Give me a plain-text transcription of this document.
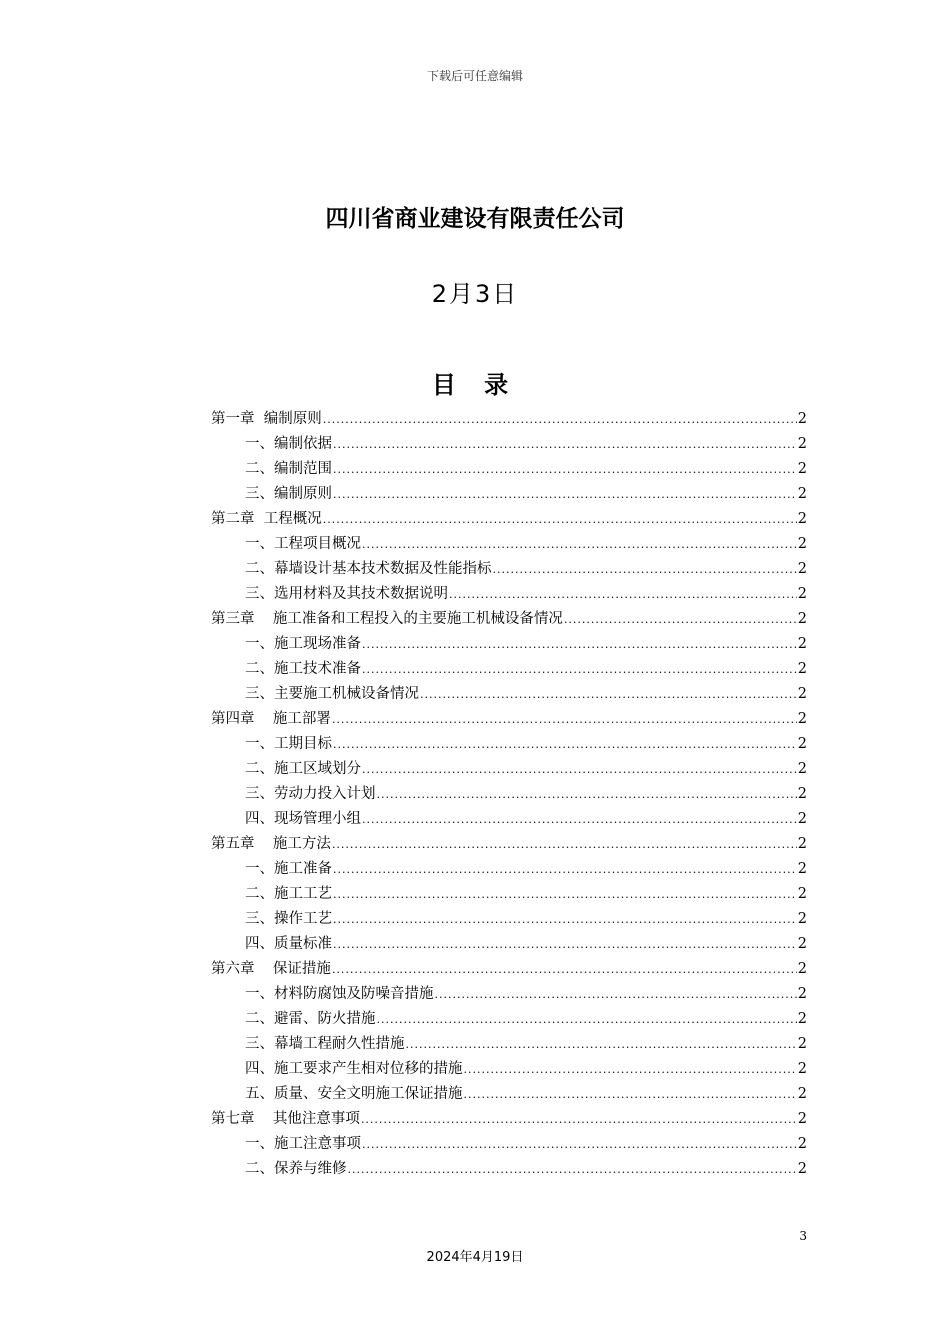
下载后可任意编辑
四川省商业建设有限责任公司
2月3日
目 录
第一章  编制原则 .....	2
一、编制依据 .....	2
二、编制范围 .....	2
三、编制原则 .....	2
第二章  工程概况 .....	2
一、工程项目概况 .....	2
二、幕墙设计基本技术数据及性能指标 .....	2
三、选用材料及其技术数据说明 .....	2
第三章    施工准备和工程投入的主要施工机械设备情况 .....	2
一、施工现场准备 .....	2
二、施工技术准备 .....	2
三、主要施工机械设备情况 .....	2
第四章    施工部署 .....	2
一、工期目标 .....	2
二、施工区域划分 .....	2
三、劳动力投入计划 .....	2
四、现场管理小组 .....	2
第五章    施工方法 .....	2
一、施工准备 .....	2
二、施工工艺 .....	2
三、操作工艺 .....	2
四、质量标准 .....	2
第六章    保证措施 .....	2
一、材料防腐蚀及防噪音措施 .....	2
二、避雷、防火措施 .....	2
三、幕墙工程耐久性措施 .....	2
四、施工要求产生相对位移的措施 .....	2
五、质量、安全文明施工保证措施 .....	2
第七章    其他注意事项 .....	2
一、施工注意事项 .....	2
二、保养与维修 .....	2
3
2024年4月19日
